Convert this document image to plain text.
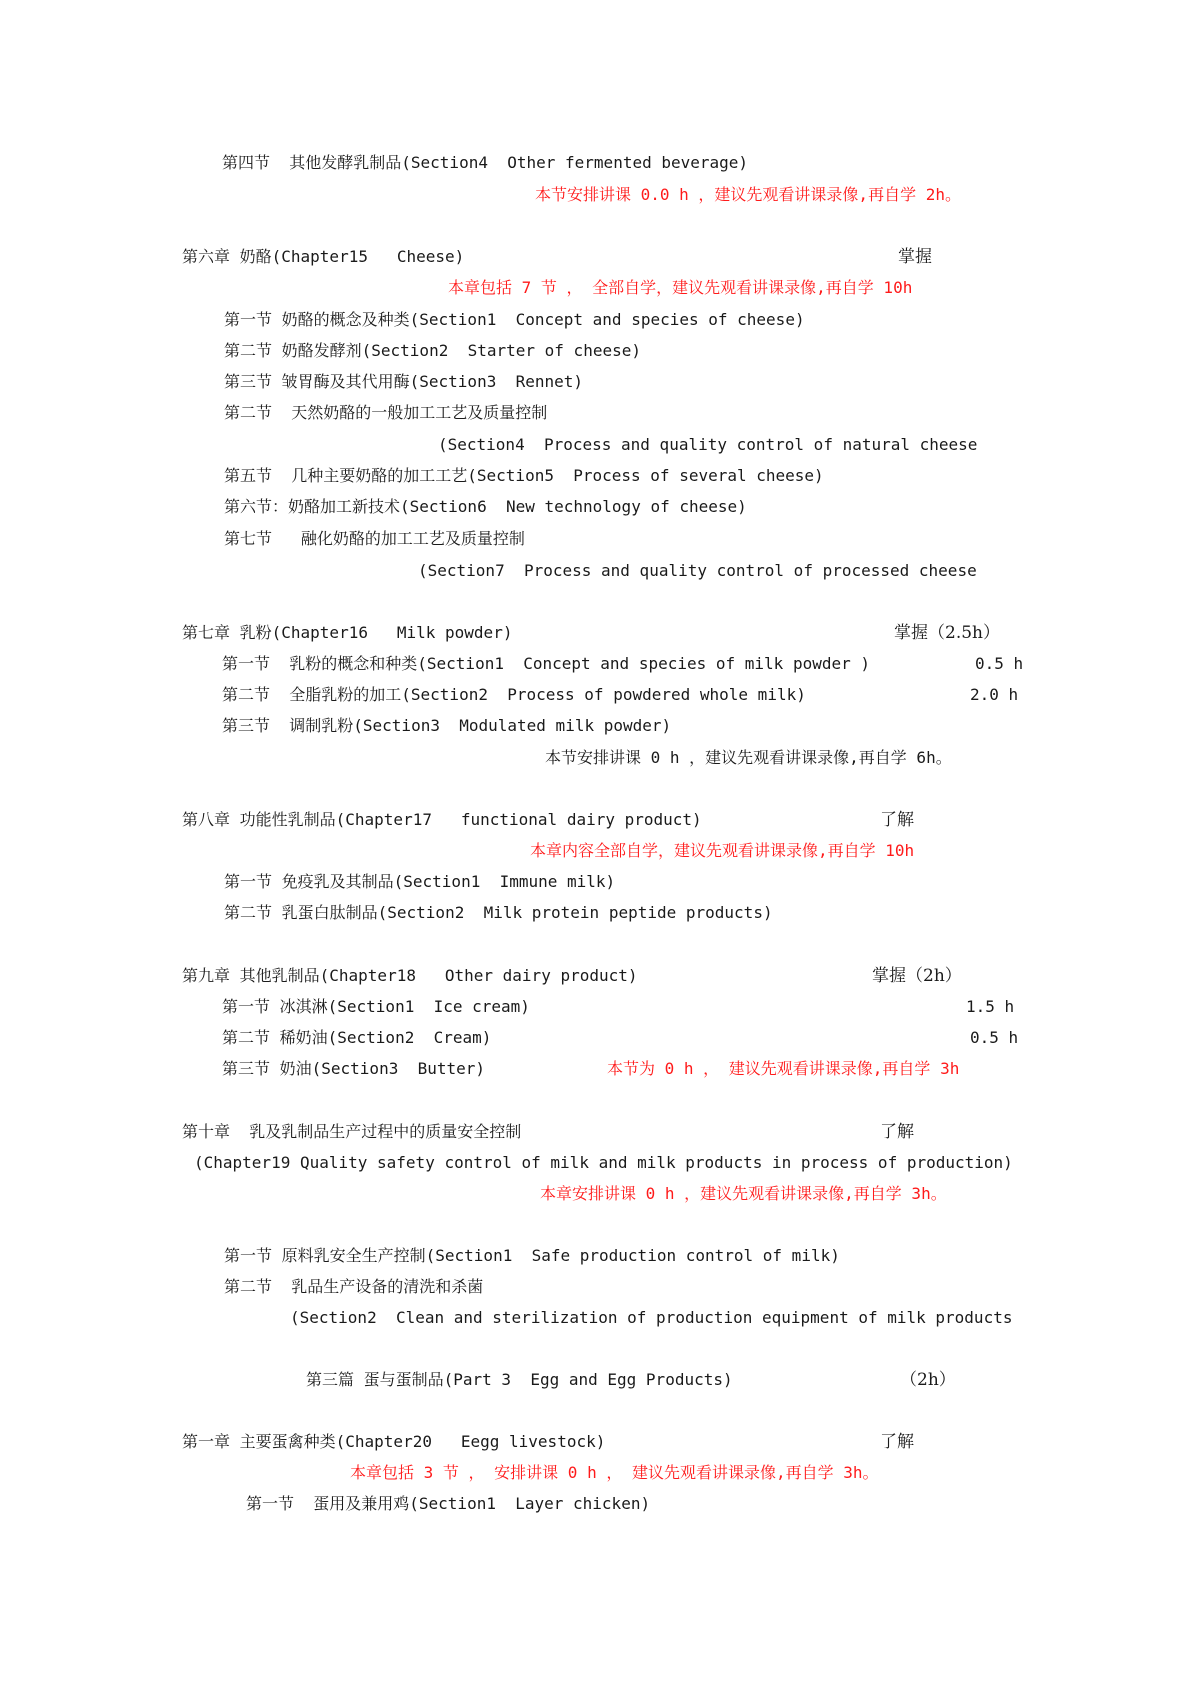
第四节  其他发酵乳制品(Section4  Other fermented beverage)
本节安排讲课 0.0 h ，建议先观看讲课录像,再自学 2h。
第六章 奶酪(Chapter15   Cheese)	掌握
本章包括 7 节 ， 全部自学，建议先观看讲课录像,再自学 10h
第一节 奶酪的概念及种类(Section1  Concept and species of cheese)
第二节 奶酪发酵剂(Section2  Starter of cheese)
第三节 皱胃酶及其代用酶(Section3  Rennet)
第二节  天然奶酪的一般加工工艺及质量控制
(Section4  Process and quality control of natural cheese
第五节  几种主要奶酪的加工工艺(Section5  Process of several cheese)
第六节：奶酪加工新技术(Section6  New technology of cheese)
第七节   融化奶酪的加工工艺及质量控制
(Section7  Process and quality control of processed cheese
第七章 乳粉(Chapter16   Milk powder)	掌握（2.5h）
第一节  乳粉的概念和种类(Section1  Concept and species of milk powder )	0.5 h
第二节  全脂乳粉的加工(Section2  Process of powdered whole milk)	2.0 h
第三节  调制乳粉(Section3  Modulated milk powder)
本节安排讲课 0 h ，建议先观看讲课录像,再自学 6h。
第八章 功能性乳制品(Chapter17   functional dairy product)	了解
本章内容全部自学，建议先观看讲课录像,再自学 10h
第一节 免疫乳及其制品(Section1  Immune milk)
第二节 乳蛋白肽制品(Section2  Milk protein peptide products)
第九章 其他乳制品(Chapter18   Other dairy product)	掌握（2h）
第一节 冰淇淋(Section1  Ice cream)	1.5 h
第二节 稀奶油(Section2  Cream)	0.5 h
第三节 奶油(Section3  Butter)	本节为 0 h ， 建议先观看讲课录像,再自学 3h
第十章  乳及乳制品生产过程中的质量安全控制	了解
(Chapter19 Quality safety control of milk and milk products in process of production)
本章安排讲课 0 h ，建议先观看讲课录像,再自学 3h。
第一节 原料乳安全生产控制(Section1  Safe production control of milk)
第二节  乳品生产设备的清洗和杀菌
(Section2  Clean and sterilization of production equipment of milk products
第三篇 蛋与蛋制品(Part 3  Egg and Egg Products)	（2h）
第一章 主要蛋禽种类(Chapter20   Eegg livestock)	了解
本章包括 3 节 ， 安排讲课 0 h ， 建议先观看讲课录像,再自学 3h。
第一节  蛋用及兼用鸡(Section1  Layer chicken)
